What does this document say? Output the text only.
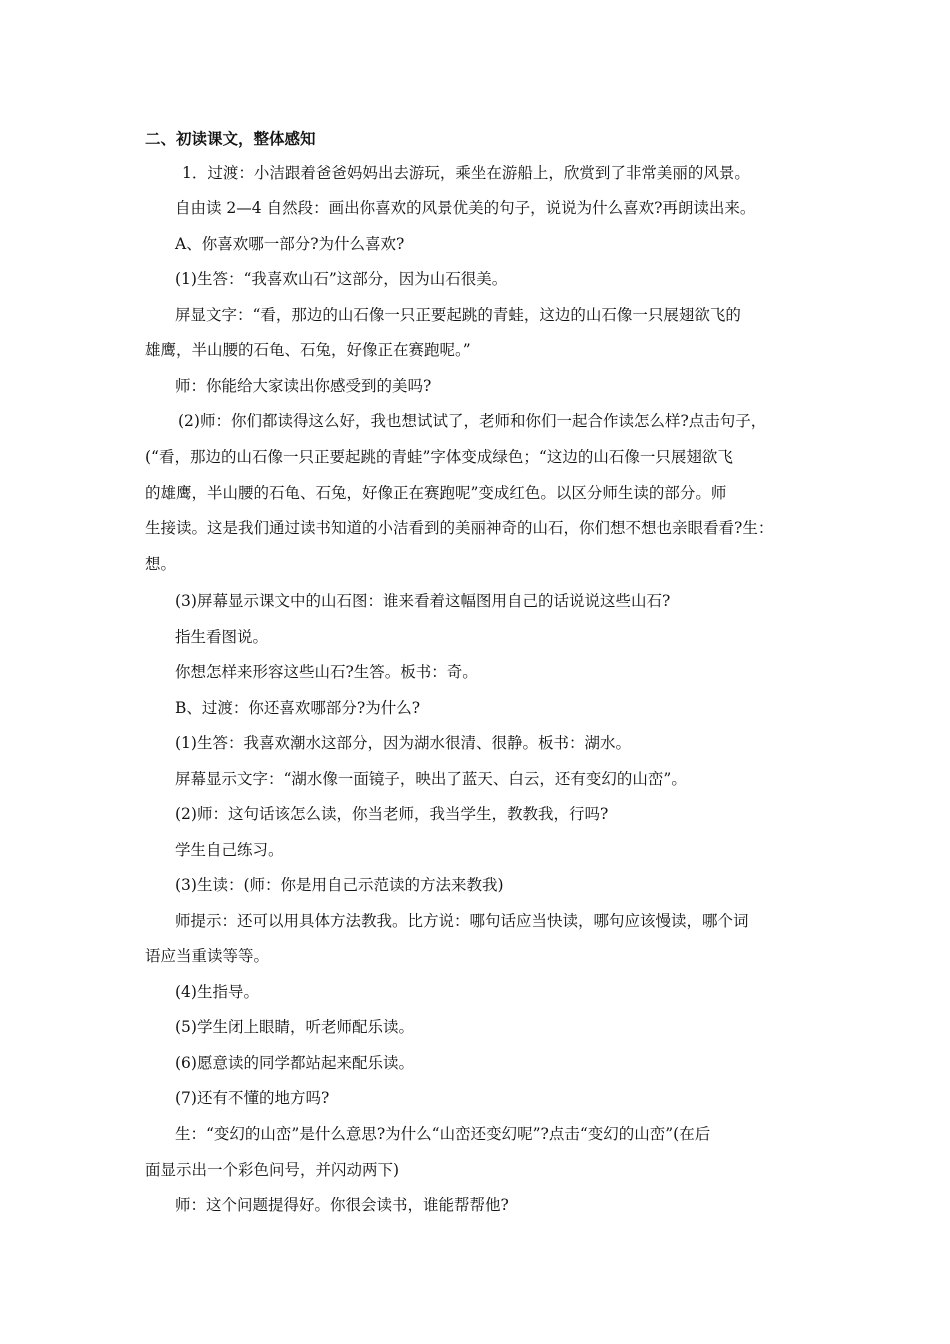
二、初读课文，整体感知
1．过渡：小洁跟着爸爸妈妈出去游玩，乘坐在游船上，欣赏到了非常美丽的风景。
自由读 2—4 自然段：画出你喜欢的风景优美的句子，说说为什么喜欢?再朗读出来。
A、你喜欢哪一部分?为什么喜欢?
(1)生答：“我喜欢山石”这部分，因为山石很美。
屏显文字：“看，那边的山石像一只正要起跳的青蛙，这边的山石像一只展翅欲飞的
雄鹰，半山腰的石龟、石兔，好像正在赛跑呢。”
师：你能给大家读出你感受到的美吗?
(2)师：你们都读得这么好，我也想试试了，老师和你们一起合作读怎么样?点击句子，
(“看，那边的山石像一只正要起跳的青蛙”字体变成绿色；“这边的山石像一只展翅欲飞
的雄鹰，半山腰的石龟、石兔，好像正在赛跑呢”变成红色。以区分师生读的部分。师
生接读。这是我们通过读书知道的小洁看到的美丽神奇的山石，你们想不想也亲眼看看?生：
想。
(3)屏幕显示课文中的山石图：谁来看着这幅图用自己的话说说这些山石?
指生看图说。
你想怎样来形容这些山石?生答。板书：奇。
B、过渡：你还喜欢哪部分?为什么?
(1)生答：我喜欢潮水这部分，因为湖水很清、很静。板书：湖水。
屏幕显示文字：“湖水像一面镜子，映出了蓝天、白云，还有变幻的山峦”。
(2)师：这句话该怎么读，你当老师，我当学生，教教我，行吗?
学生自己练习。
(3)生读：(师：你是用自己示范读的方法来教我)
师提示：还可以用具体方法教我。比方说：哪句话应当快读，哪句应该慢读，哪个词
语应当重读等等。
(4)生指导。
(5)学生闭上眼睛，听老师配乐读。
(6)愿意读的同学都站起来配乐读。
(7)还有不懂的地方吗?
生：“变幻的山峦”是什么意思?为什么“山峦还变幻呢”?点击“变幻的山峦”(在后
面显示出一个彩色问号，并闪动两下)
师：这个问题提得好。你很会读书，谁能帮帮他?
